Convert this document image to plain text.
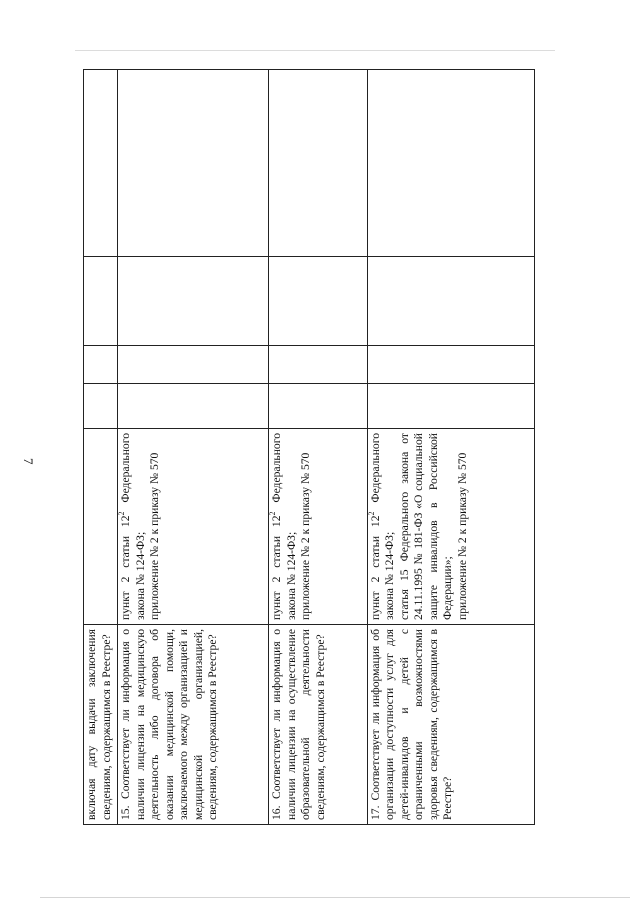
7
включая дату выдачи заключения сведениям, содержащимся в Реестре?					
15. Соответствует ли информация о наличии лицензии на медицинскую деятельность либо договора об оказании медицинской помощи, заключаемого между организацией и медицинской организацией, сведениям, содержащимся в Реестре?	пункт 2 статьи $12^2$ Федерального закона № 124-ФЗ; приложение № 2 к приказу № 570				

16. Соответствует ли информация о наличии лицензии на осуществление образовательной деятельности сведениям, содержащимся в Реестре?	пункт 2 статьи $12^2$ Федерального закона № 124-ФЗ; приложение № 2 к приказу № 570				

17. Соответствует ли информация об организации доступности услуг для детей-инвалидов и детей с ограниченными возможностями здоровья сведениям, содержащимся в Реестре?	пункт 2 статьи $12^2$ Федерального закона № 124-ФЗ; статья 15 Федерального закона от 24.11.1995 № 181-ФЗ «О социальной защите инвалидов в Российской Федерации»; приложение № 2 к приказу № 570				
